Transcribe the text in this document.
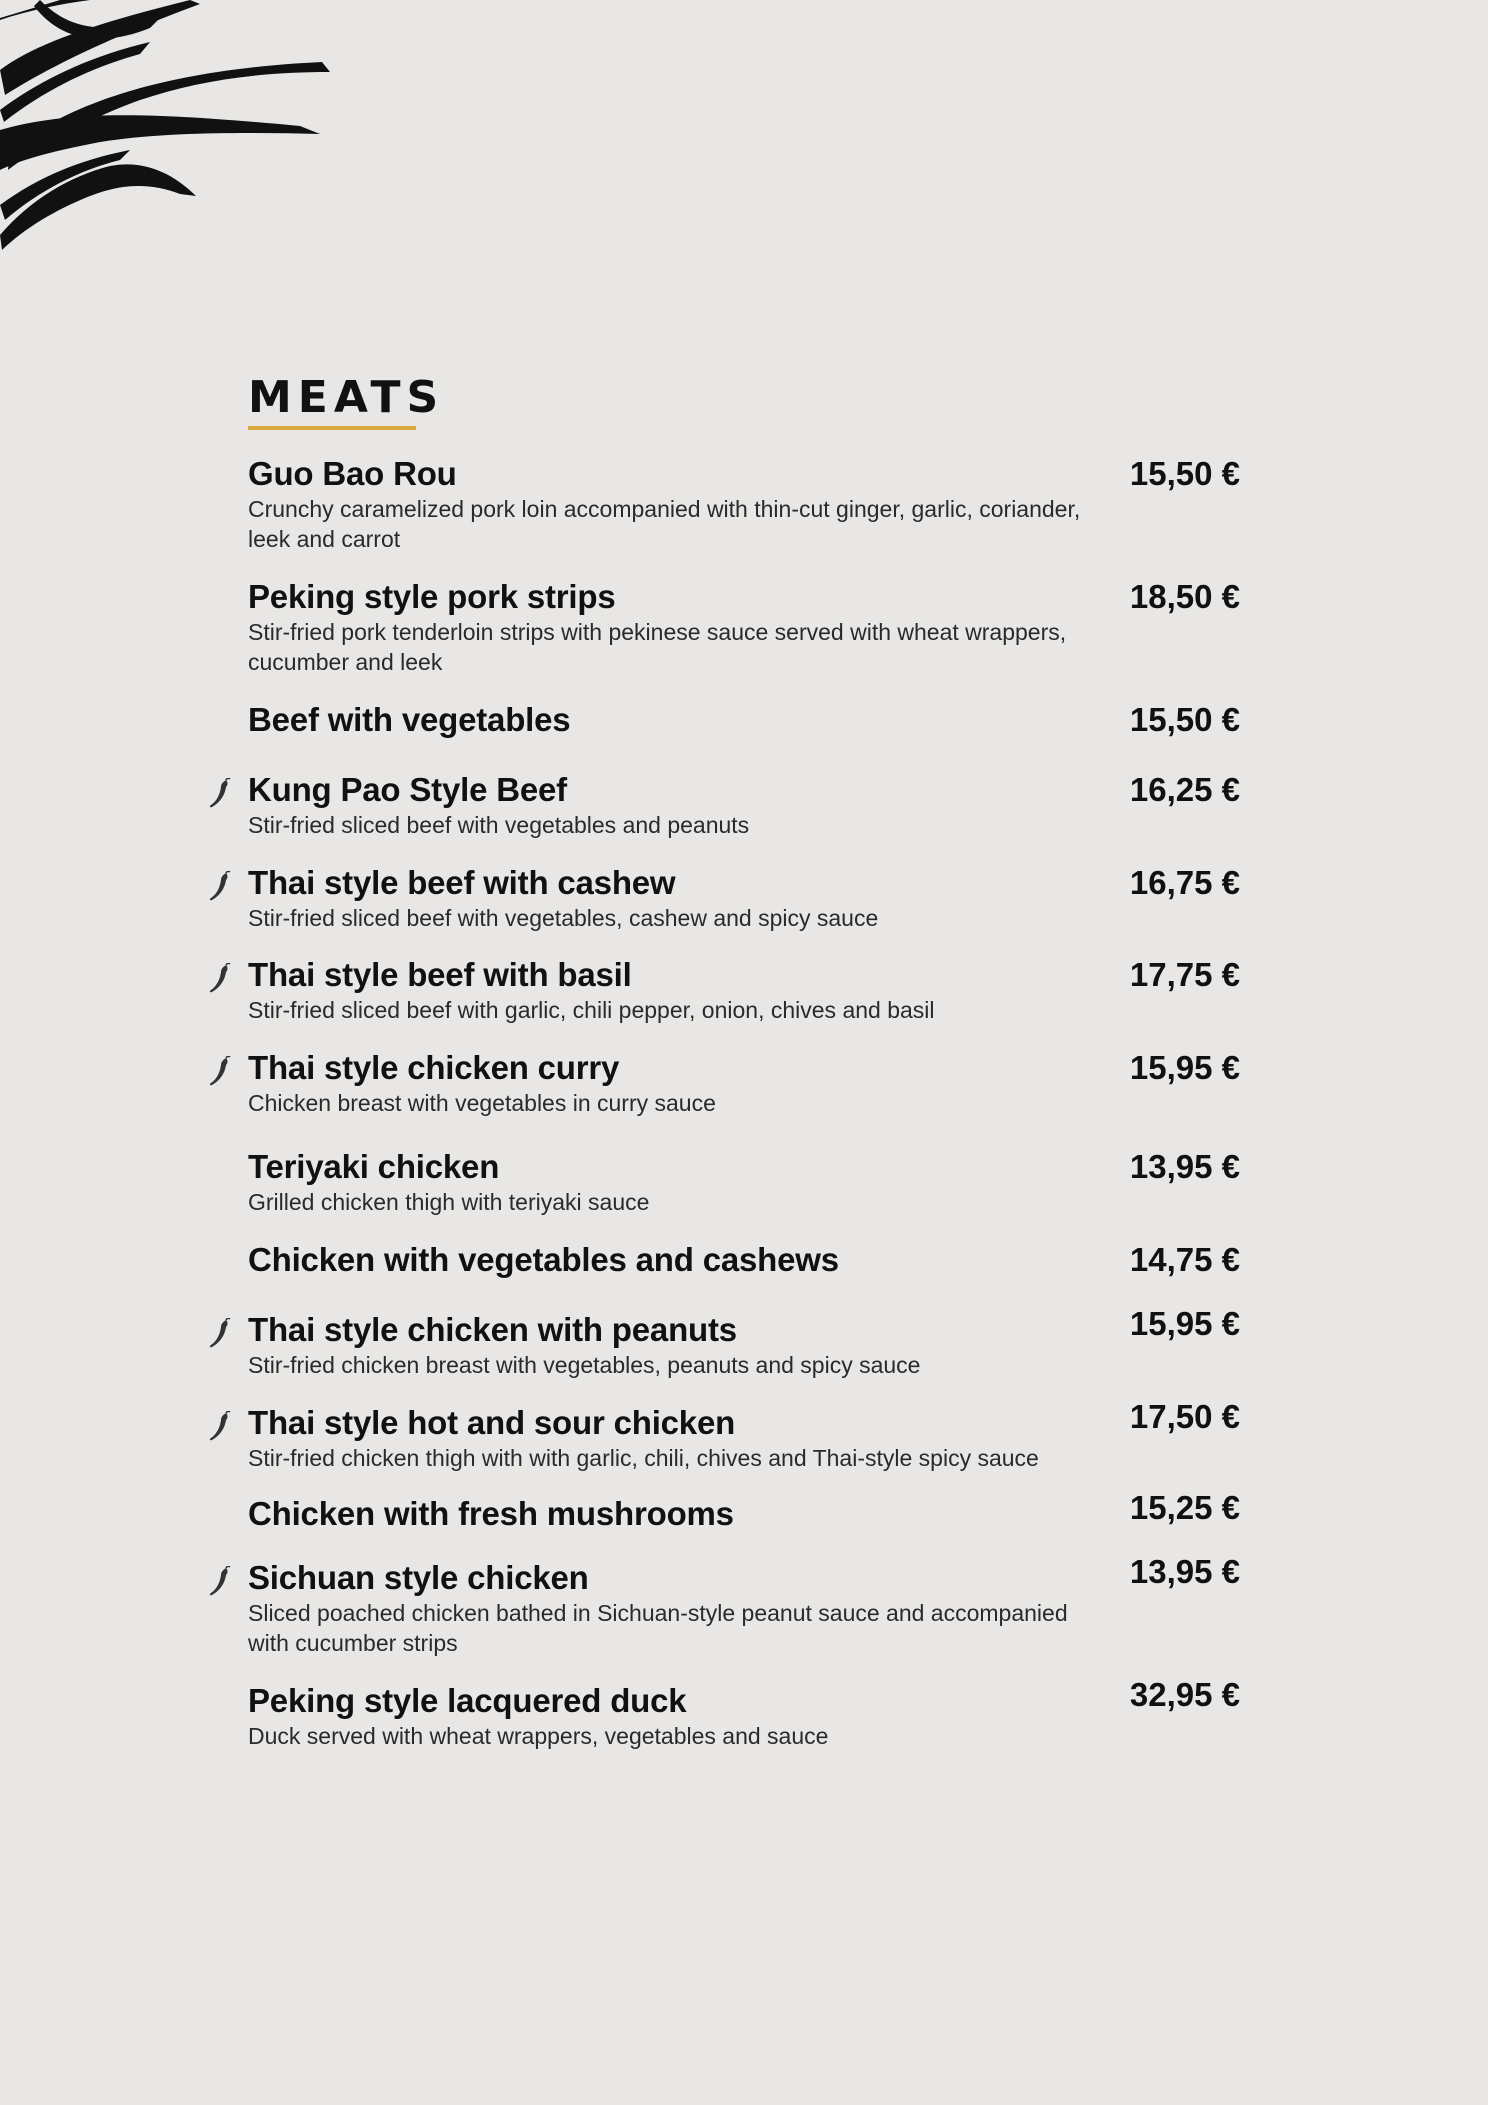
MEATS
Guo Bao Rou
Crunchy caramelized pork loin accompanied with thin-cut ginger, garlic, coriander, leek and carrot
15,50 €
Peking style pork strips
Stir-fried pork tenderloin strips with pekinese sauce served with wheat wrappers, cucumber and leek
18,50 €
Beef with vegetables	15,50 €
Kung Pao Style Beef
Stir-fried sliced beef with vegetables and peanuts
16,25 €
Thai style beef with cashew
Stir-fried sliced beef with vegetables, cashew and spicy sauce
16,75 €
Thai style beef with basil
Stir-fried sliced beef with garlic, chili pepper, onion, chives and basil
17,75 €
Thai style chicken curry
Chicken breast with vegetables in curry sauce
15,95 €
Teriyaki chicken
Grilled chicken thigh with teriyaki sauce
13,95 €
Chicken with vegetables and cashews	14,75 €
Thai style chicken with peanuts
Stir-fried chicken breast with vegetables, peanuts and spicy sauce
15,95 €
Thai style hot and sour chicken
Stir-fried chicken thigh with with garlic, chili, chives and Thai-style spicy sauce
17,50 €
Chicken with fresh mushrooms	15,25 €
Sichuan style chicken
Sliced poached chicken bathed in Sichuan-style peanut sauce and accompanied with cucumber strips
13,95 €
Peking style lacquered duck
Duck served with wheat wrappers, vegetables and sauce
32,95 €
